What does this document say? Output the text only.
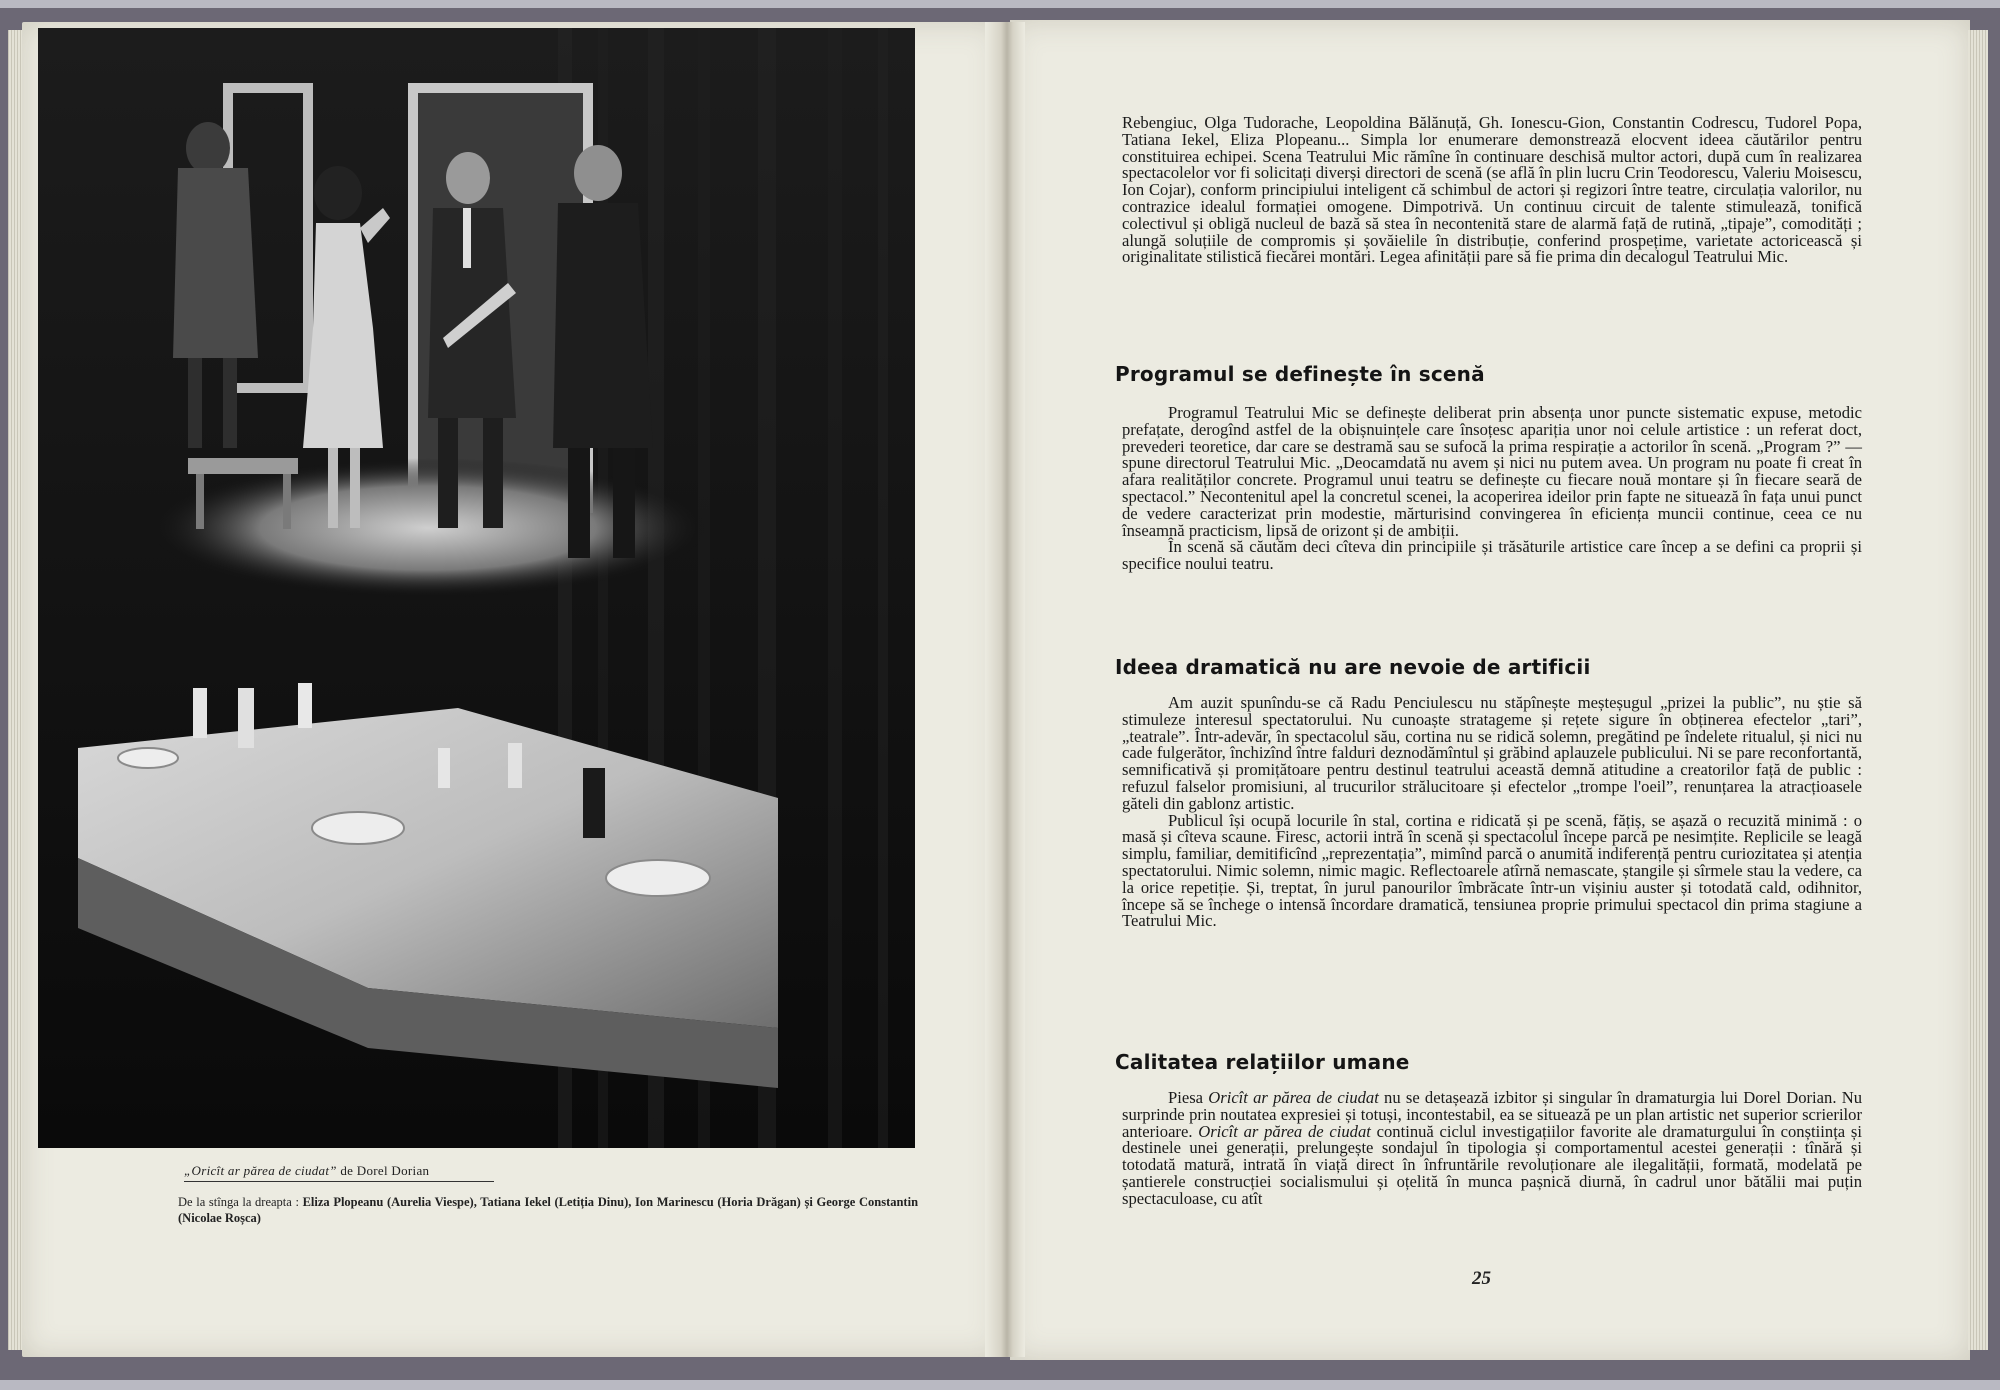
„Oricît ar părea de ciudat” de Dorel Dorian
De la stînga la dreapta : Eliza Plopeanu (Aurelia Viespe), Tatiana Iekel (Letiția Dinu), Ion Marinescu (Horia Drăgan) și George Constantin (Nicolae Roșca)

Rebengiuc, Olga Tudorache, Leopoldina Bălănuță, Gh. Ionescu-Gion, Constantin Codrescu, Tudorel Popa, Tatiana Iekel, Eliza Plopeanu... Simpla lor enumerare demonstrează elocvent ideea căutărilor pentru constituirea echipei. Scena Teatrului Mic rămîne în continuare deschisă multor actori, după cum în realizarea spectacolelor vor fi solicitați diverși directori de scenă (se află în plin lucru Crin Teodorescu, Valeriu Moisescu, Ion Cojar), conform principiului inteligent că schimbul de actori și regizori între teatre, circulația valorilor, nu contrazice idealul formației omogene. Dimpotrivă. Un continuu circuit de talente stimulează, tonifică colectivul și obligă nucleul de bază să stea în necontenită stare de alarmă față de rutină, „tipaje”, comodități ; alungă soluțiile de compromis și șovăielile în distribuție, conferind prospețime, varietate actoricească și originalitate stilistică fiecărei montări. Legea afinității pare să fie prima din decalogul Teatrului Mic.

Programul se definește în scenă

Programul Teatrului Mic se definește deliberat prin absența unor puncte sistematic expuse, metodic prefațate, derogînd astfel de la obișnuințele care însoțesc apariția unor noi celule artistice : un referat doct, prevederi teoretice, dar care se destramă sau se sufocă la prima respirație a actorilor în scenă. „Program ?” — spune directorul Teatrului Mic. „Deocamdată nu avem și nici nu putem avea. Un program nu poate fi creat în afara realităților concrete. Programul unui teatru se definește cu fiecare nouă montare și în fiecare seară de spectacol.” Necontenitul apel la concretul scenei, la acoperirea ideilor prin fapte ne situează în fața unui punct de vedere caracterizat prin modestie, mărturisind convingerea în eficiența muncii continue, ceea ce nu înseamnă practicism, lipsă de orizont și de ambiții.

În scenă să căutăm deci cîteva din principiile și trăsăturile artistice care încep a se defini ca proprii și specifice noului teatru.

Ideea dramatică nu are nevoie de artificii

Am auzit spunîndu-se că Radu Penciulescu nu stăpînește meșteșugul „prizei la public”, nu știe să stimuleze interesul spectatorului. Nu cunoaște stratageme și rețete sigure în obținerea efectelor „tari”, „teatrale”. Într-adevăr, în spectacolul său, cortina nu se ridică solemn, pregătind pe îndelete ritualul, și nici nu cade fulgerător, închizînd între falduri deznodămîntul și grăbind aplauzele publicului. Ni se pare reconfortantă, semnificativă și promițătoare pentru destinul teatrului această demnă atitudine a creatorilor față de public : refuzul falselor promisiuni, al trucurilor strălucitoare și efectelor „trompe l'oeil”, renunțarea la atracțioasele găteli din gablonz artistic.

Publicul își ocupă locurile în stal, cortina e ridicată și pe scenă, fățiș, se așază o recuzită minimă : o masă și cîteva scaune. Firesc, actorii intră în scenă și spectacolul începe parcă pe nesimțite. Replicile se leagă simplu, familiar, demitificînd „reprezentația”, mimînd parcă o anumită indiferență pentru curiozitatea și atenția spectatorului. Nimic solemn, nimic magic. Reflectoarele atîrnă nemascate, ștangile și sîrmele stau la vedere, ca la orice repetiție. Și, treptat, în jurul panourilor îmbrăcate într-un vișiniu auster și totodată cald, odihnitor, începe să se închege o intensă încordare dramatică, tensiunea proprie primului spectacol din prima stagiune a Teatrului Mic.

Calitatea relațiilor umane

Piesa Oricît ar părea de ciudat nu se detașează izbitor și singular în dramaturgia lui Dorel Dorian. Nu surprinde prin noutatea expresiei și totuși, incontestabil, ea se situează pe un plan artistic net superior scrierilor anterioare. Oricît ar părea de ciudat continuă ciclul investigațiilor favorite ale dramaturgului în conștiința și destinele unei generații, prelungește sondajul în tipologia și comportamentul acestei generații : tînără și totodată matură, intrată în viață direct în înfruntările revoluționare ale ilegalității, formată, modelată pe șantierele construcției socialismului și oțelită în munca pașnică diurnă, în cadrul unor bătălii mai puțin spectaculoase, cu atît

25
